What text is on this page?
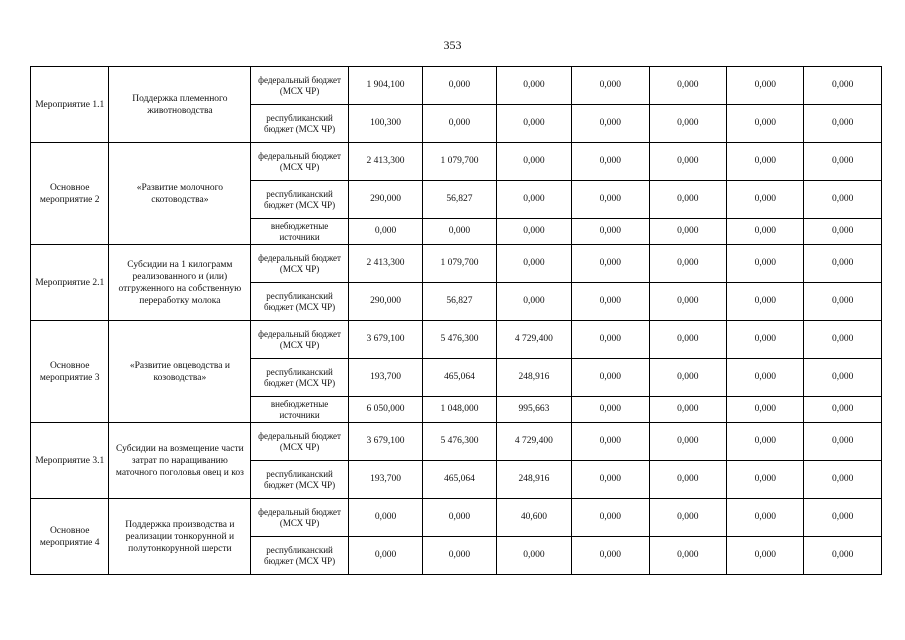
353
Мероприятие 1.1	Поддержка племенного животноводства	федеральный бюджет (МСХ ЧР)	1 904,100	0,000	0,000	0,000	0,000	0,000	0,000
		республиканский бюджет (МСХ ЧР)	100,300	0,000	0,000	0,000	0,000	0,000	0,000
Основное мероприятие 2	«Развитие молочного скотоводства»	федеральный бюджет (МСХ ЧР)	2 413,300	1 079,700	0,000	0,000	0,000	0,000	0,000
		республиканский бюджет (МСХ ЧР)	290,000	56,827	0,000	0,000	0,000	0,000	0,000
		внебюджетные источники	0,000	0,000	0,000	0,000	0,000	0,000	0,000
Мероприятие 2.1	Субсидии на 1 килограмм реализованного и (или) отгруженного на собственную переработку молока	федеральный бюджет (МСХ ЧР)	2 413,300	1 079,700	0,000	0,000	0,000	0,000	0,000
		республиканский бюджет (МСХ ЧР)	290,000	56,827	0,000	0,000	0,000	0,000	0,000
Основное мероприятие 3	«Развитие овцеводства и козоводства»	федеральный бюджет (МСХ ЧР)	3 679,100	5 476,300	4 729,400	0,000	0,000	0,000	0,000
		республиканский бюджет (МСХ ЧР)	193,700	465,064	248,916	0,000	0,000	0,000	0,000
		внебюджетные источники	6 050,000	1 048,000	995,663	0,000	0,000	0,000	0,000
Мероприятие 3.1	Субсидии на возмещение части затрат по наращиванию маточного поголовья овец и коз	федеральный бюджет (МСХ ЧР)	3 679,100	5 476,300	4 729,400	0,000	0,000	0,000	0,000
		республиканский бюджет (МСХ ЧР)	193,700	465,064	248,916	0,000	0,000	0,000	0,000
Основное мероприятие 4	Поддержка производства и реализации тонкорунной и полутонкорунной шерсти	федеральный бюджет (МСХ ЧР)	0,000	0,000	40,600	0,000	0,000	0,000	0,000
		республиканский бюджет (МСХ ЧР)	0,000	0,000	0,000	0,000	0,000	0,000	0,000
